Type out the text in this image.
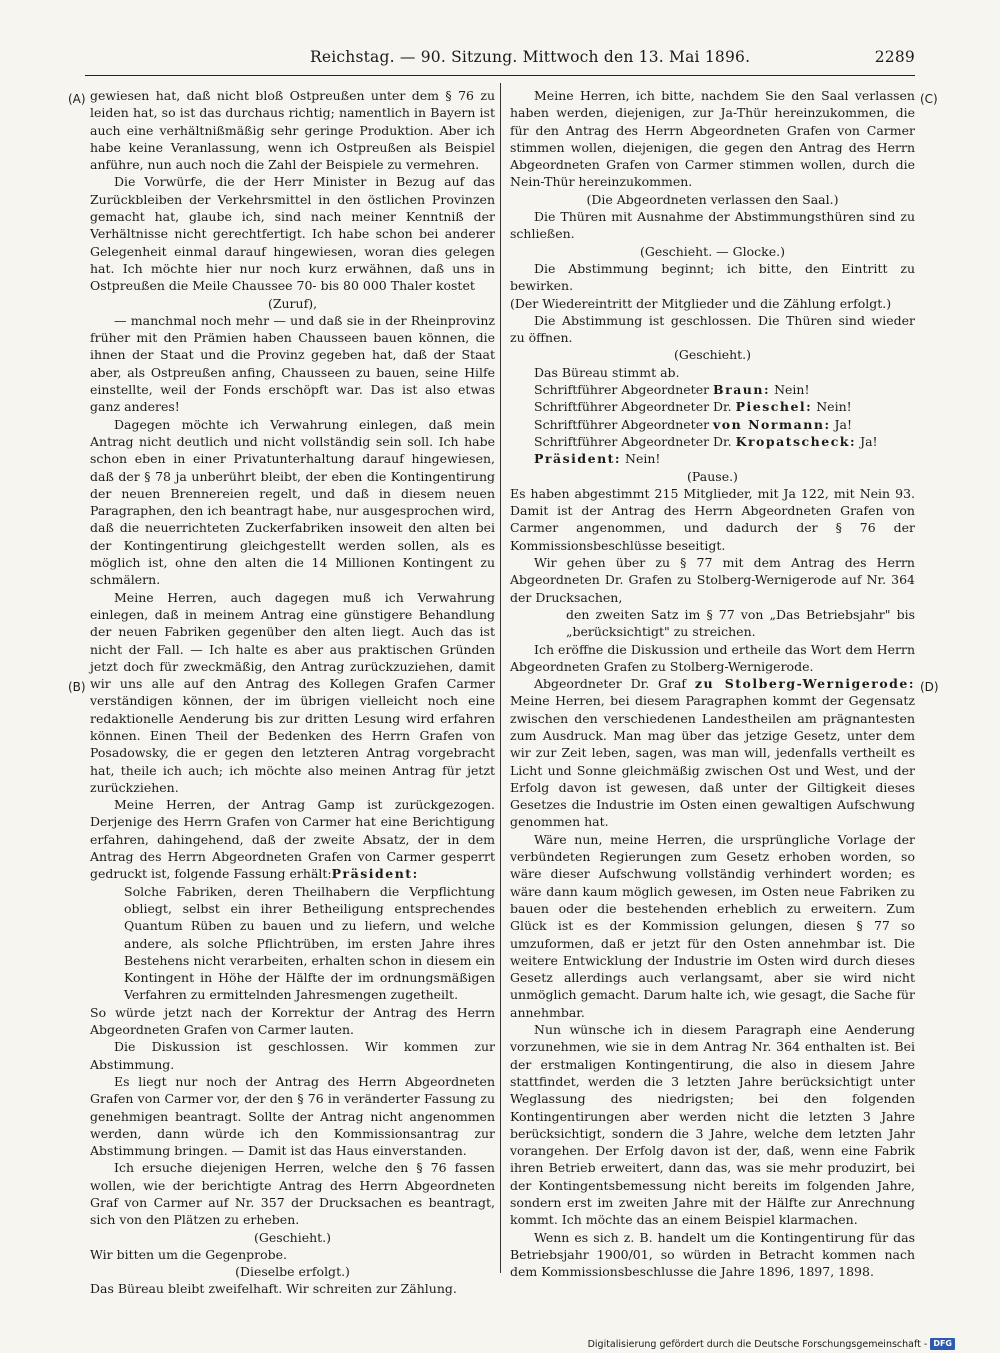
Reichstag. — 90. Sitzung. Mittwoch den 13. Mai 1896.	2289
(A)
(B)
(C)
(D)

gewiesen hat, daß nicht bloß Ostpreußen unter dem § 76 zu leiden hat, so ist das durchaus richtig; namentlich in Bayern ist auch eine verhältnißmäßig sehr geringe Produktion. Aber ich habe keine Veranlassung, wenn ich Ostpreußen als Beispiel anführe, nun auch noch die Zahl der Beispiele zu vermehren.

Die Vorwürfe, die der Herr Minister in Bezug auf das Zurückbleiben der Verkehrsmittel in den östlichen Provinzen gemacht hat, glaube ich, sind nach meiner Kenntniß der Verhältnisse nicht gerechtfertigt. Ich habe schon bei anderer Gelegenheit einmal darauf hingewiesen, woran dies gelegen hat. Ich möchte hier nur noch kurz erwähnen, daß uns in Ostpreußen die Meile Chaussee 70- bis 80 000 Thaler kostet

(Zuruf),

— manchmal noch mehr — und daß sie in der Rheinprovinz früher mit den Prämien haben Chausseen bauen können, die ihnen der Staat und die Provinz gegeben hat, daß der Staat aber, als Ostpreußen anfing, Chausseen zu bauen, seine Hilfe einstellte, weil der Fonds erschöpft war. Das ist also etwas ganz anderes!

Dagegen möchte ich Verwahrung einlegen, daß mein Antrag nicht deutlich und nicht vollständig sein soll. Ich habe schon eben in einer Privatunterhaltung darauf hingewiesen, daß der § 78 ja unberührt bleibt, der eben die Kontingentirung der neuen Brennereien regelt, und daß in diesem neuen Paragraphen, den ich beantragt habe, nur ausgesprochen wird, daß die neuerrichteten Zuckerfabriken insoweit den alten bei der Kontingentirung gleichgestellt werden sollen, als es möglich ist, ohne den alten die 14 Millionen Kontingent zu schmälern.

Meine Herren, auch dagegen muß ich Verwahrung einlegen, daß in meinem Antrag eine günstigere Behandlung der neuen Fabriken gegenüber den alten liegt. Auch das ist nicht der Fall. — Ich halte es aber aus praktischen Gründen jetzt doch für zweckmäßig, den Antrag zurückzuziehen, damit wir uns alle auf den Antrag des Kollegen Grafen Carmer verständigen können, der im übrigen vielleicht noch eine redaktionelle Aenderung bis zur dritten Lesung wird erfahren können. Einen Theil der Bedenken des Herrn Grafen von Posadowsky, die er gegen den letzteren Antrag vorgebracht hat, theile ich auch; ich möchte also meinen Antrag für jetzt zurückziehen.

Meine Herren, der Antrag Gamp ist zurückgezogen. Derjenige des Herrn Grafen von Carmer hat eine Berichtigung erfahren, dahingehend, daß der zweite Absatz, der in dem Antrag des Herrn Abgeordneten Grafen von Carmer gesperrt gedruckt ist, folgende Fassung erhält:Präsident:

Solche Fabriken, deren Theilhabern die Verpflichtung obliegt, selbst ein ihrer Betheiligung entsprechendes Quantum Rüben zu bauen und zu liefern, und welche andere, als solche Pflichtrüben, im ersten Jahre ihres Bestehens nicht verarbeiten, erhalten schon in diesem ein Kontingent in Höhe der Hälfte der im ordnungsmäßigen Verfahren zu ermittelnden Jahresmengen zugetheilt.

So würde jetzt nach der Korrektur der Antrag des Herrn Abgeordneten Grafen von Carmer lauten.

Die Diskussion ist geschlossen. Wir kommen zur Abstimmung.

Es liegt nur noch der Antrag des Herrn Abgeordneten Grafen von Carmer vor, der den § 76 in veränderter Fassung zu genehmigen beantragt. Sollte der Antrag nicht angenommen werden, dann würde ich den Kommissionsantrag zur Abstimmung bringen. — Damit ist das Haus einverstanden.

Ich ersuche diejenigen Herren, welche den § 76 fassen wollen, wie der berichtigte Antrag des Herrn Abgeordneten Graf von Carmer auf Nr. 357 der Drucksachen es beantragt, sich von den Plätzen zu erheben.

(Geschieht.)

Wir bitten um die Gegenprobe.

(Dieselbe erfolgt.)

Das Büreau bleibt zweifelhaft. Wir schreiten zur Zählung.

Meine Herren, ich bitte, nachdem Sie den Saal verlassen haben werden, diejenigen, zur Ja-Thür hereinzukommen, die für den Antrag des Herrn Abgeordneten Grafen von Carmer stimmen wollen, diejenigen, die gegen den Antrag des Herrn Abgeordneten Grafen von Carmer stimmen wollen, durch die Nein-Thür hereinzukommen.

(Die Abgeordneten verlassen den Saal.)

Die Thüren mit Ausnahme der Abstimmungsthüren sind zu schließen.

(Geschieht. — Glocke.)

Die Abstimmung beginnt; ich bitte, den Eintritt zu bewirken.

(Der Wiedereintritt der Mitglieder und die Zählung erfolgt.)

Die Abstimmung ist geschlossen. Die Thüren sind wieder zu öffnen.

(Geschieht.)

Das Büreau stimmt ab.

Schriftführer Abgeordneter Braun: Nein!

Schriftführer Abgeordneter Dr. Pieschel: Nein!

Schriftführer Abgeordneter von Normann: Ja!

Schriftführer Abgeordneter Dr. Kropatscheck: Ja!

Präsident: Nein!

(Pause.)

Es haben abgestimmt 215 Mitglieder, mit Ja 122, mit Nein 93. Damit ist der Antrag des Herrn Abgeordneten Grafen von Carmer angenommen, und dadurch der § 76 der Kommissionsbeschlüsse beseitigt.

Wir gehen über zu § 77 mit dem Antrag des Herrn Abgeordneten Dr. Grafen zu Stolberg-Wernigerode auf Nr. 364 der Drucksachen,

den zweiten Satz im § 77 von „Das Betriebsjahr" bis „berücksichtigt" zu streichen.

Ich eröffne die Diskussion und ertheile das Wort dem Herrn Abgeordneten Grafen zu Stolberg-Wernigerode.

Abgeordneter Dr. Graf zu Stolberg-Wernigerode: Meine Herren, bei diesem Paragraphen kommt der Gegensatz zwischen den verschiedenen Landestheilen am prägnantesten zum Ausdruck. Man mag über das jetzige Gesetz, unter dem wir zur Zeit leben, sagen, was man will, jedenfalls vertheilt es Licht und Sonne gleichmäßig zwischen Ost und West, und der Erfolg davon ist gewesen, daß unter der Giltigkeit dieses Gesetzes die Industrie im Osten einen gewaltigen Aufschwung genommen hat.

Wäre nun, meine Herren, die ursprüngliche Vorlage der verbündeten Regierungen zum Gesetz erhoben worden, so wäre dieser Aufschwung vollständig verhindert worden; es wäre dann kaum möglich gewesen, im Osten neue Fabriken zu bauen oder die bestehenden erheblich zu erweitern. Zum Glück ist es der Kommission gelungen, diesen § 77 so umzuformen, daß er jetzt für den Osten annehmbar ist. Die weitere Entwicklung der Industrie im Osten wird durch dieses Gesetz allerdings auch verlangsamt, aber sie wird nicht unmöglich gemacht. Darum halte ich, wie gesagt, die Sache für annehmbar.

Nun wünsche ich in diesem Paragraph eine Aenderung vorzunehmen, wie sie in dem Antrag Nr. 364 enthalten ist. Bei der erstmaligen Kontingentirung, die also in diesem Jahre stattfindet, werden die 3 letzten Jahre berücksichtigt unter Weglassung des niedrigsten; bei den folgenden Kontingentirungen aber werden nicht die letzten 3 Jahre berücksichtigt, sondern die 3 Jahre, welche dem letzten Jahr vorangehen. Der Erfolg davon ist der, daß, wenn eine Fabrik ihren Betrieb erweitert, dann das, was sie mehr produzirt, bei der Kontingentsbemessung nicht bereits im folgenden Jahre, sondern erst im zweiten Jahre mit der Hälfte zur Anrechnung kommt. Ich möchte das an einem Beispiel klarmachen.

Wenn es sich z. B. handelt um die Kontingentirung für das Betriebsjahr 1900/01, so würden in Betracht kommen nach dem Kommissionsbeschlusse die Jahre 1896, 1897, 1898.

Digitalisierung gefördert durch die Deutsche Forschungsgemeinschaft - DFG
